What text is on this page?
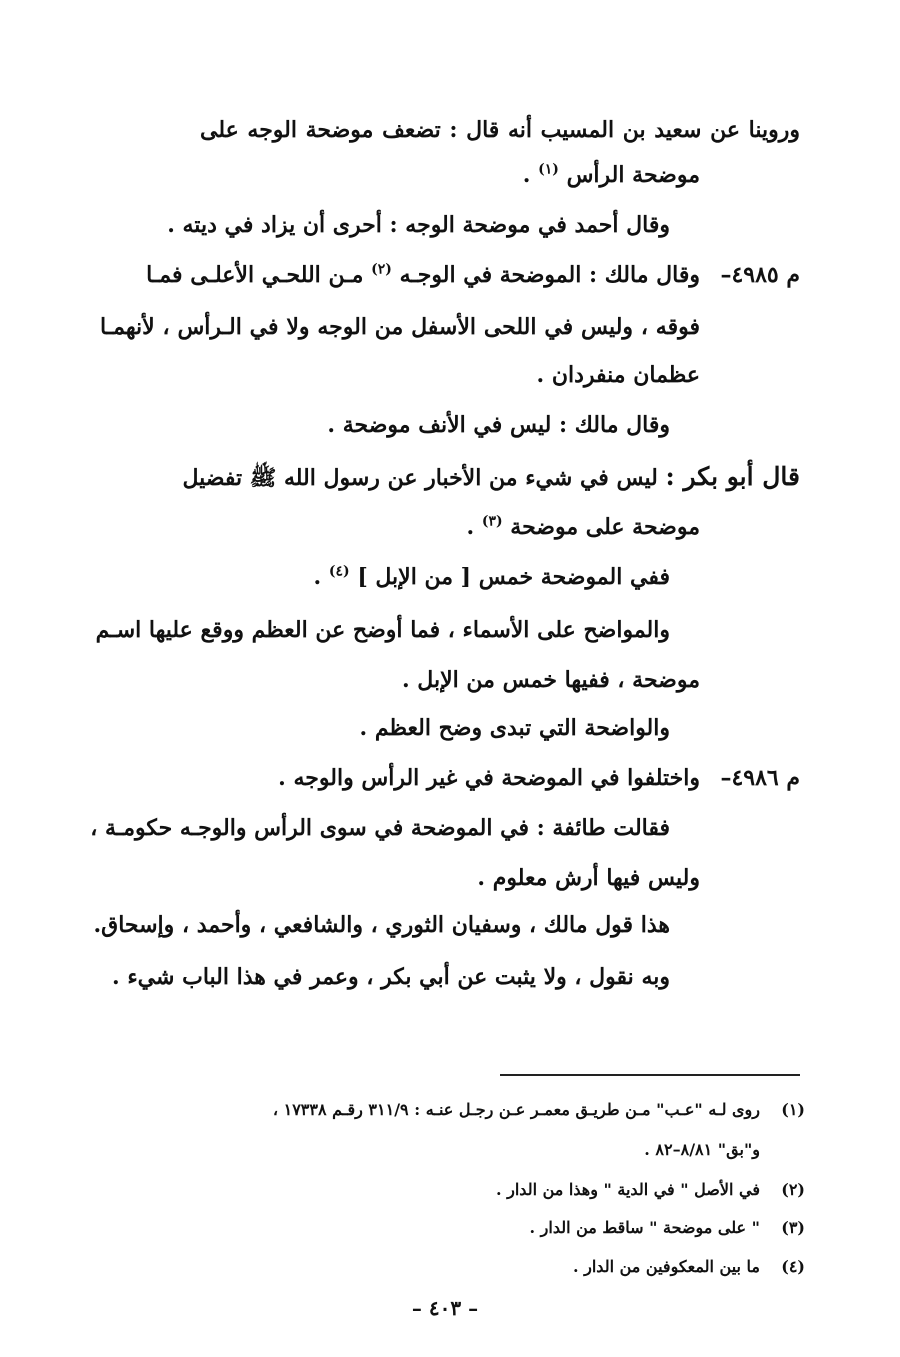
وروينا عن سعيد بن المسيب أنه قال : تضعف موضحة الوجه على
موضحة الرأس $^{(١)}$ .
وقال أحمد في موضحة الوجه : أحرى أن يزاد في ديته .
م ٤٩٨٥–
وقال مالك : الموضحة في الوجـه $^{(٢)}$ مـن اللحـي الأعلـى فمـا
فوقه ، وليس في اللحى الأسفل من الوجه ولا في الـرأس ، لأنهمـا
عظمان منفردان .
وقال مالك : ليس في الأنف موضحة .
قال أبو بكر : ليس في شيء من الأخبار عن رسول الله ﷺ تفضيل
موضحة على موضحة $^{(٣)}$ .
ففي الموضحة خمس [ من الإبل ] $^{(٤)}$ .
والمواضح على الأسماء ، فما أوضح عن العظم ووقع عليها اسـم
موضحة ، ففيها خمس من الإبل .
والواضحة التي تبدى وضح العظم .
م ٤٩٨٦–
واختلفوا في الموضحة في غير الرأس والوجه .
فقالت طائفة : في الموضحة في سوى الرأس والوجـه حكومـة ،
وليس فيها أرش معلوم .
هذا قول مالك ، وسفيان الثوري ، والشافعي ، وأحمد ، وإسحاق.
وبه نقول ، ولا يثبت عن أبي بكر ، وعمر في هذا الباب شيء .
(١)
روى لـه "عـب" مـن طريـق معمـر عـن رجـل عنـه : ٣١١/٩ رقـم ١٧٣٣٨ ،
و"بق" ٨/٨١–٨٢ .
(٢)
في الأصل " في الدية " وهذا من الدار .
(٣)
" على موضحة " ساقط من الدار .
(٤)
ما بين المعكوفين من الدار .
– ٤٠٣ –
